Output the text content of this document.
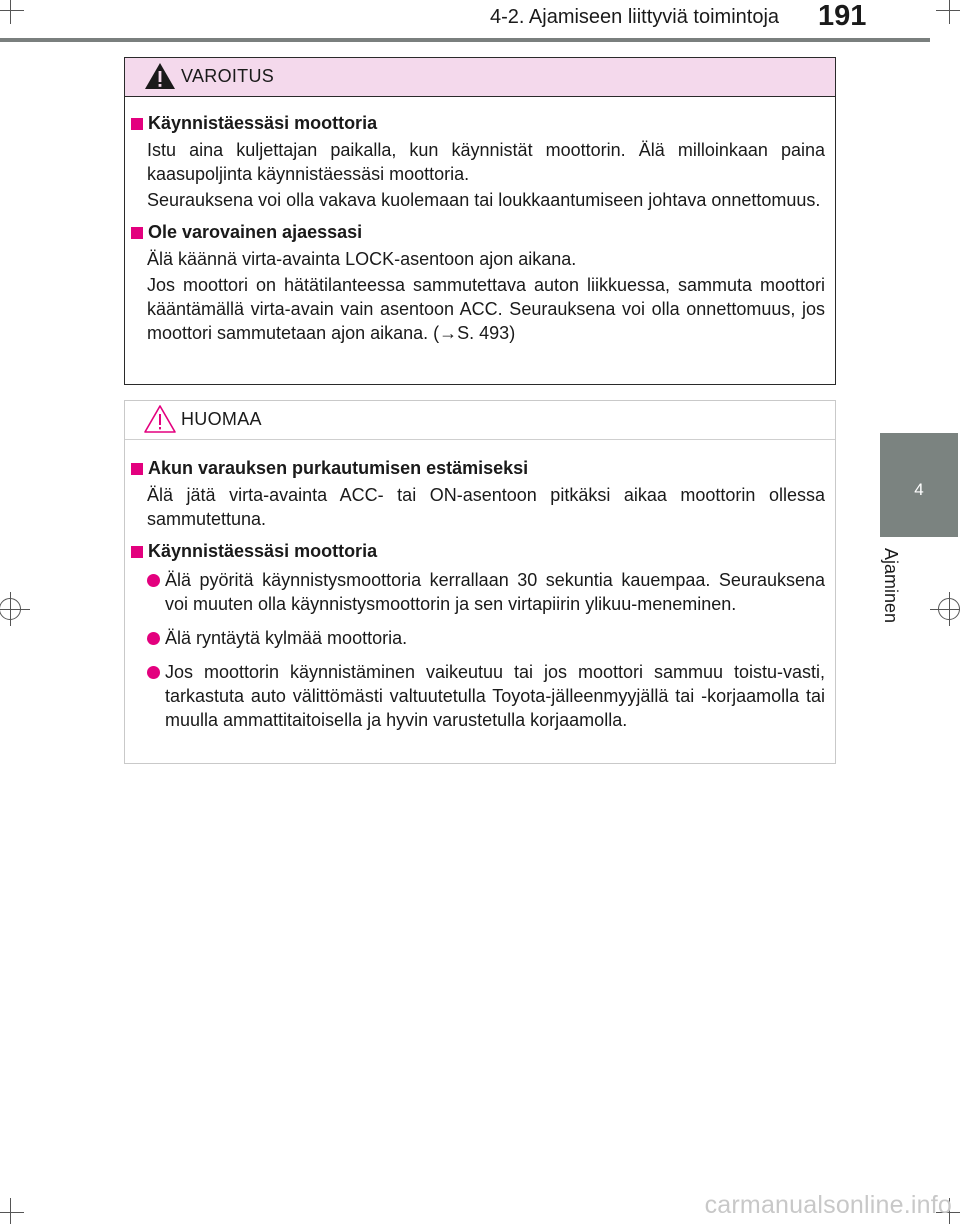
4-2. Ajamiseen liittyviä toimintoja 191
4
Ajaminen
VAROITUS
Käynnistäessäsi moottoria
Istu aina kuljettajan paikalla, kun käynnistät moottorin. Älä milloinkaan paina kaasupoljinta käynnistäessäsi moottoria.
Seurauksena voi olla vakava kuolemaan tai loukkaantumiseen johtava onnettomuus.
Ole varovainen ajaessasi
Älä käännä virta-avainta LOCK-asentoon ajon aikana.
Jos moottori on hätätilanteessa sammutettava auton liikkuessa, sammuta moottori kääntämällä virta-avain vain asentoon ACC. Seurauksena voi olla onnettomuus, jos moottori sammutetaan ajon aikana. (→S. 493)
HUOMAA
Akun varauksen purkautumisen estämiseksi
Älä jätä virta-avainta ACC- tai ON-asentoon pitkäksi aikaa moottorin ollessa sammutettuna.
Käynnistäessäsi moottoria
Älä pyöritä käynnistysmoottoria kerrallaan 30 sekuntia kauempaa. Seurauksena voi muuten olla käynnistysmoottorin ja sen virtapiirin ylikuu-meneminen.
Älä ryntäytä kylmää moottoria.
Jos moottorin käynnistäminen vaikeutuu tai jos moottori sammuu toistu-vasti, tarkastuta auto välittömästi valtuutetulla Toyota-jälleenmyyjällä tai -korjaamolla tai muulla ammattitaitoisella ja hyvin varustetulla korjaamolla.
carmanualsonline.info
